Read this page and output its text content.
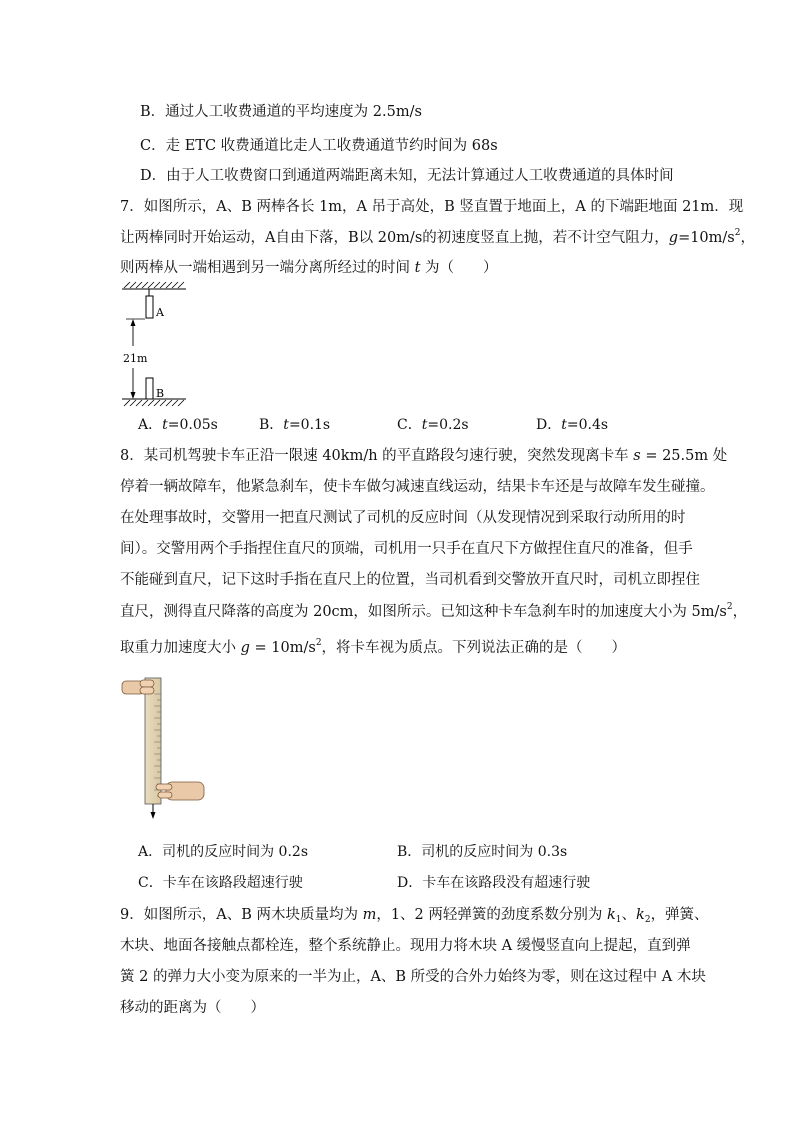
B．通过人工收费通道的平均速度为 2.5m/s
C．走 ETC 收费通道比走人工收费通道节约时间为 68s
D．由于人工收费窗口到通道两端距离未知，无法计算通过人工收费通道的具体时间
7．如图所示，A、B 两棒各长 1m，A 吊于高处，B 竖直置于地面上，A 的下端距地面 21m．现
让两棒同时开始运动，A自由下落，B以 20m/s的初速度竖直上抛，若不计空气阻力，$g=10m/s^2$，
则两棒从一端相遇到另一端分离所经过的时间 t 为（　　）
A
21m
B
A．t=0.05s	B．t=0.1s	C．t=0.2s	D．t=0.4s
8．某司机驾驶卡车正沿一限速 40km/h 的平直路段匀速行驶，突然发现离卡车 s = 25.5m 处
停着一辆故障车，他紧急刹车，使卡车做匀减速直线运动，结果卡车还是与故障车发生碰撞。
在处理事故时，交警用一把直尺测试了司机的反应时间（从发现情况到采取行动所用的时
间）。交警用两个手指捏住直尺的顶端，司机用一只手在直尺下方做捏住直尺的准备，但手
不能碰到直尺，记下这时手指在直尺上的位置，当司机看到交警放开直尺时，司机立即捏住
直尺，测得直尺降落的高度为 20cm，如图所示。已知这种卡车急刹车时的加速度大小为 $5m/s^2$，
取重力加速度大小 $g = 10m/s^2$，将卡车视为质点。下列说法正确的是（　　）
A．司机的反应时间为 0.2s	B．司机的反应时间为 0.3s
C．卡车在该路段超速行驶	D．卡车在该路段没有超速行驶
9．如图所示，A、B 两木块质量均为 m，1、2 两轻弹簧的劲度系数分别为 $k_1$、$k_2$，弹簧、
木块、地面各接触点都栓连，整个系统静止。现用力将木块 A 缓慢竖直向上提起，直到弹
簧 2 的弹力大小变为原来的一半为止，A、B 所受的合外力始终为零，则在这过程中 A 木块
移动的距离为（　　）
